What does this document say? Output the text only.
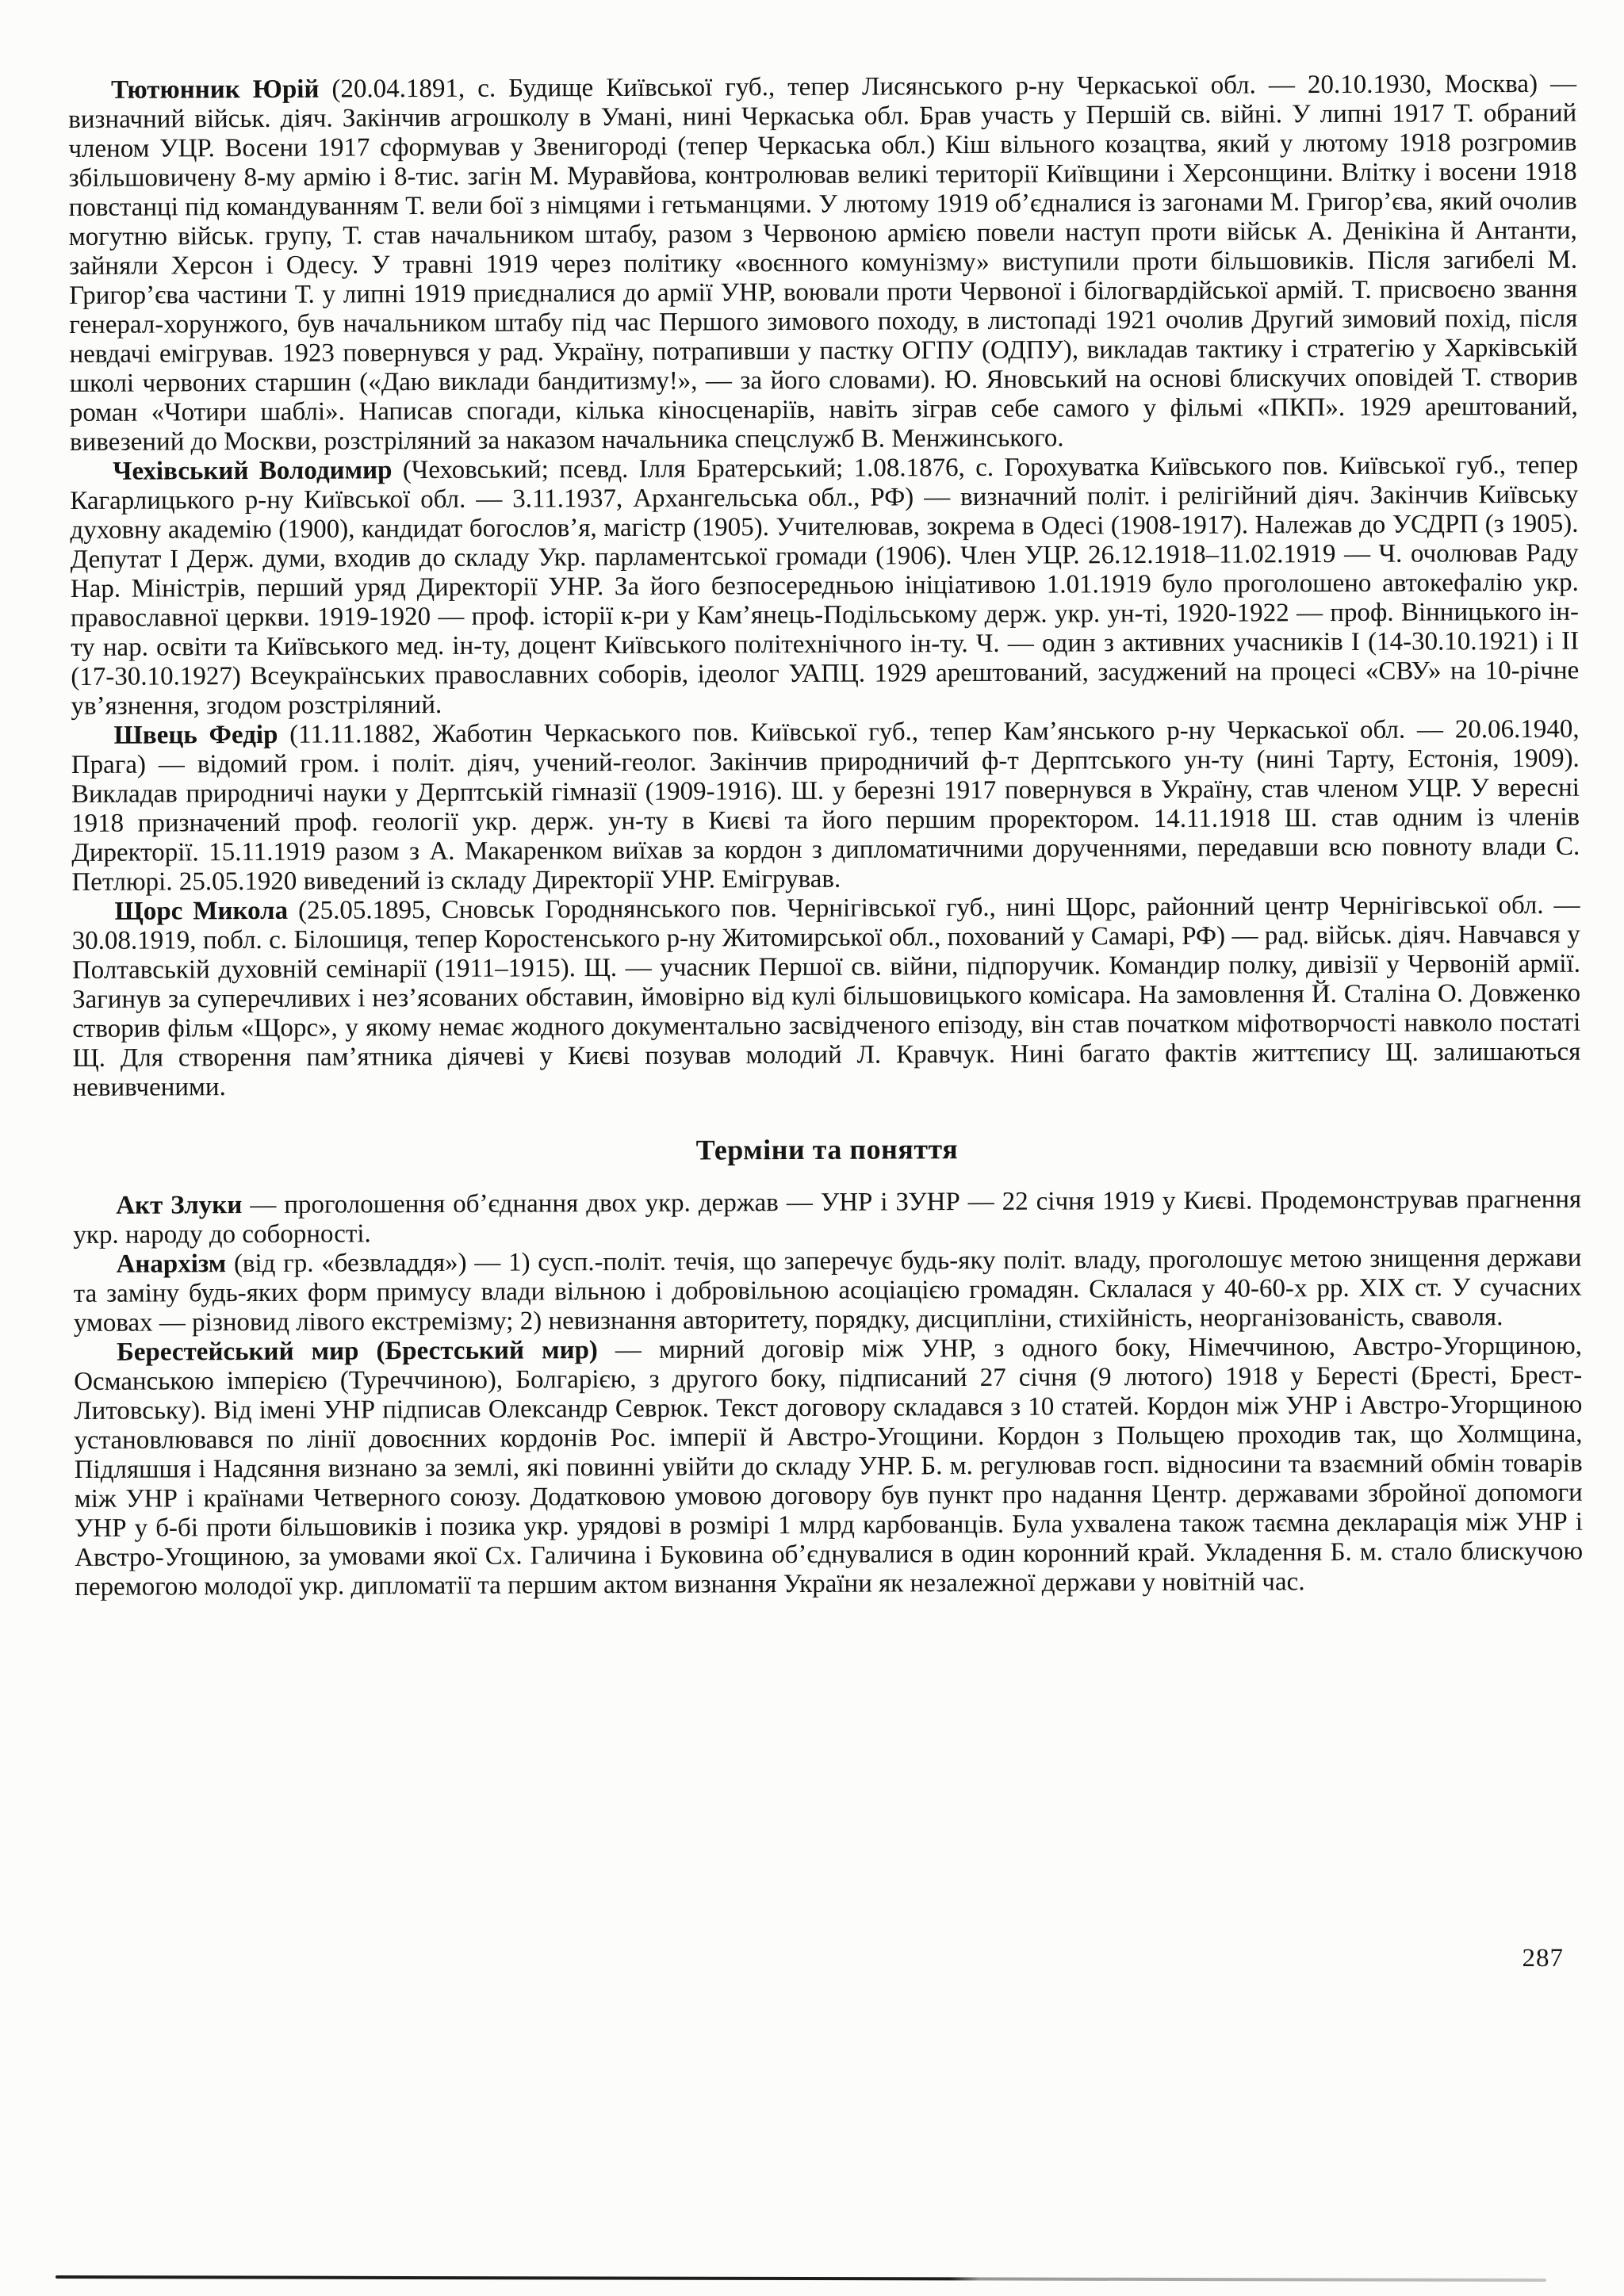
Тютюнник Юрій (20.04.1891, с. Будище Київської губ., тепер Лисянського р-ну Черкаської обл. — 20.10.1930, Москва) — визначний військ. діяч. Закінчив агрошколу в Умані, нині Черкаська обл. Брав участь у Першій св. війні. У липні 1917 Т. обраний членом УЦР. Восени 1917 сформував у Звенигороді (тепер Черкаська обл.) Кіш вільного козацтва, який у лютому 1918 розгромив збільшовичену 8-му армію і 8-тис. загін М. Муравйова, контролював великі території Київщини і Херсонщини. Влітку і восени 1918 повстанці під командуванням Т. вели бої з німцями і гетьманцями. У лютому 1919 об’єдналися із загонами М. Григор’єва, який очолив могутню військ. групу, Т. став начальником штабу, разом з Червоною армією повели наступ проти військ А. Денікіна й Антанти, зайняли Херсон і Одесу. У травні 1919 через політику «воєнного комунізму» виступили проти більшовиків. Після загибелі М. Григор’єва частини Т. у липні 1919 приєдналися до армії УНР, воювали проти Червоної і білогвардійської армій. Т. присвоєно звання генерал-хорунжого, був начальником штабу під час Першого зимового походу, в листопаді 1921 очолив Другий зимовий похід, після невдачі емігрував. 1923 повернувся у рад. Україну, потрапивши у пастку ОГПУ (ОДПУ), викладав тактику і стратегію у Харківській школі червоних старшин («Даю виклади бандитизму!», — за його словами). Ю. Яновський на основі блискучих оповідей Т. створив роман «Чотири шаблі». Написав спогади, кілька кіносценаріїв, навіть зіграв себе самого у фільмі «ПКП». 1929 арештований, вивезений до Москви, розстріляний за наказом начальника спецслужб В. Менжинського.

Чехівський Володимир (Чеховський; псевд. Ілля Братерський; 1.08.1876, с. Горохуватка Київського пов. Київської губ., тепер Кагарлицького р-ну Київської обл. — 3.11.1937, Архангельська обл., РФ) — визначний політ. і релігійний діяч. Закінчив Київську духовну академію (1900), кандидат богослов’я, магістр (1905). Учителював, зокрема в Одесі (1908-1917). Належав до УСДРП (з 1905). Депутат I Держ. думи, входив до складу Укр. парламентської громади (1906). Член УЦР. 26.12.1918–11.02.1919 — Ч. очолював Раду Нар. Міністрів, перший уряд Директорії УНР. За його безпосередньою ініціативою 1.01.1919 було проголошено автокефалію укр. православної церкви. 1919-1920 — проф. історії к-ри у Кам’янець-Подільському держ. укр. ун-ті, 1920-1922 — проф. Вінницького ін-ту нар. освіти та Київського мед. ін-ту, доцент Київського політехнічного ін-ту. Ч. — один з активних учасників I (14-30.10.1921) і II (17-30.10.1927) Всеукраїнських православних соборів, ідеолог УАПЦ. 1929 арештований, засуджений на процесі «СВУ» на 10-річне ув’язнення, згодом розстріляний.

Швець Федір (11.11.1882, Жаботин Черкаського пов. Київської губ., тепер Кам’янського р-ну Черкаської обл. — 20.06.1940, Прага) — відомий гром. і політ. діяч, учений-геолог. Закінчив природничий ф-т Дерптського ун-ту (нині Тарту, Естонія, 1909). Викладав природничі науки у Дерптській гімназії (1909-1916). Ш. у березні 1917 повернувся в Україну, став членом УЦР. У вересні 1918 призначений проф. геології укр. держ. ун-ту в Києві та його першим проректором. 14.11.1918 Ш. став одним із членів Директорії. 15.11.1919 разом з А. Макаренком виїхав за кордон з дипломатичними дорученнями, передавши всю повноту влади С. Петлюрі. 25.05.1920 виведений із складу Директорії УНР. Емігрував.

Щорс Микола (25.05.1895, Сновськ Городнянського пов. Чернігівської губ., нині Щорс, районний центр Чернігівської обл. — 30.08.1919, побл. с. Білошиця, тепер Коростенського р-ну Житомирської обл., похований у Самарі, РФ) — рад. військ. діяч. Навчався у Полтавській духовній семінарії (1911–1915). Щ. — учасник Першої св. війни, підпоручик. Командир полку, дивізії у Червоній армії. Загинув за суперечливих і нез’ясованих обставин, ймовірно від кулі більшовицького комісара. На замовлення Й. Сталіна О. Довженко створив фільм «Щорс», у якому немає жодного документально засвідченого епізоду, він став початком міфотворчості навколо постаті Щ. Для створення пам’ятника діячеві у Києві позував молодий Л. Кравчук. Нині багато фактів життєпису Щ. залишаються невивченими.

Терміни та поняття

Акт Злуки — проголошення об’єднання двох укр. держав — УНР і ЗУНР — 22 січня 1919 у Києві. Продемонстрував прагнення укр. народу до соборності.

Анархізм (від гр. «безвладдя») — 1) сусп.-політ. течія, що заперечує будь-яку політ. владу, проголошує метою знищення держави та заміну будь-яких форм примусу влади вільною і добровільною асоціацією громадян. Склалася у 40-60-х рр. XIX ст. У сучасних умовах — різновид лівого екстремізму; 2) невизнання авторитету, порядку, дисципліни, стихійність, неорганізованість, сваволя.

Берестейський мир (Брестський мир) — мирний договір між УНР, з одного боку, Німеччиною, Австро-Угорщиною, Османською імперією (Туреччиною), Болгарією, з другого боку, підписаний 27 січня (9 лютого) 1918 у Бересті (Бресті, Брест-Литовську). Від імені УНР підписав Олександр Севрюк. Текст договору складався з 10 статей. Кордон між УНР і Австро-Угорщиною установлювався по лінії довоєнних кордонів Рос. імперії й Австро-Угощини. Кордон з Польщею проходив так, що Холмщина, Підляшшя і Надсяння визнано за землі, які повинні увійти до складу УНР. Б. м. регулював госп. відносини та взаємний обмін товарів між УНР і країнами Четверного союзу. Додатковою умовою договору був пункт про надання Центр. державами збройної допомоги УНР у б-бі проти більшовиків і позика укр. урядові в розмірі 1 млрд карбованців. Була ухвалена також таємна декларація між УНР і Австро-Угощиною, за умовами якої Сх. Галичина і Буковина об’єднувалися в один коронний край. Укладення Б. м. стало блискучою перемогою молодої укр. дипломатії та першим актом визнання України як незалежної держави у новітній час.

287
